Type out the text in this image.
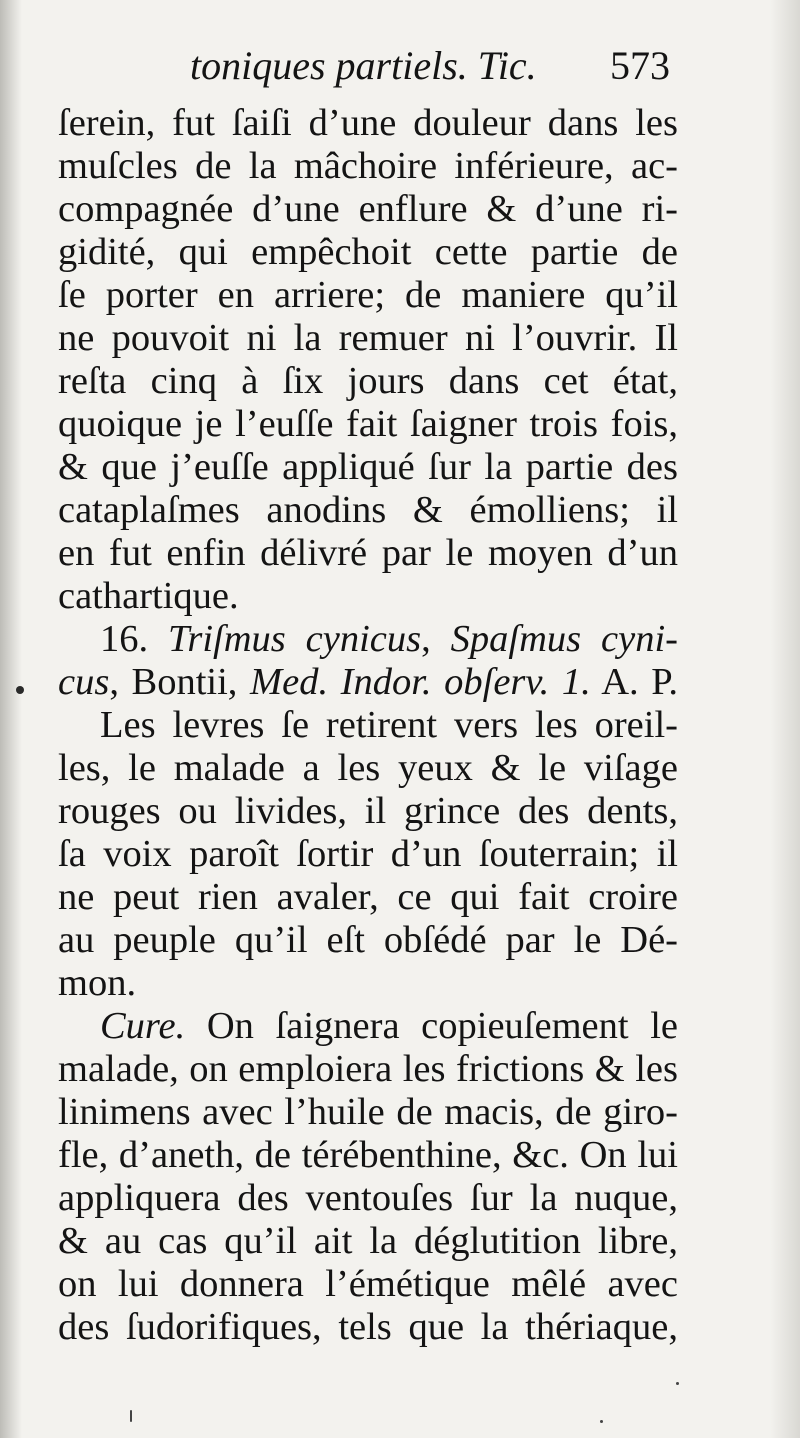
toniques partiels. Tic. 573
ſerein, fut ſaiſi d’une douleur dans les
muſcles de la mâchoire inférieure, ac-
compagnée d’une enflure & d’une ri-
gidité, qui empêchoit cette partie de
ſe porter en arriere; de maniere qu’il
ne pouvoit ni la remuer ni l’ouvrir. Il
reſta cinq à ſix jours dans cet état,
quoique je l’euſſe fait ſaigner trois fois,
& que j’euſſe appliqué ſur la partie des
cataplaſmes anodins & émolliens; il
en fut enfin délivré par le moyen d’un
cathartique.
16. Triſmus cynicus, Spaſmus cyni-
cus, Bontii, Med. Indor. obſerv. 1. A. P.
Les levres ſe retirent vers les oreil-
les, le malade a les yeux & le viſage
rouges ou livides, il grince des dents,
ſa voix paroît ſortir d’un ſouterrain; il
ne peut rien avaler, ce qui fait croire
au peuple qu’il eſt obſédé par le Dé-
mon.
Cure. On ſaignera copieuſement le
malade, on emploiera les frictions & les
linimens avec l’huile de macis, de giro-
fle, d’aneth, de térébenthine, &c. On lui
appliquera des ventouſes ſur la nuque,
& au cas qu’il ait la déglutition libre,
on lui donnera l’émétique mêlé avec
des ſudorifiques, tels que la thériaque,
